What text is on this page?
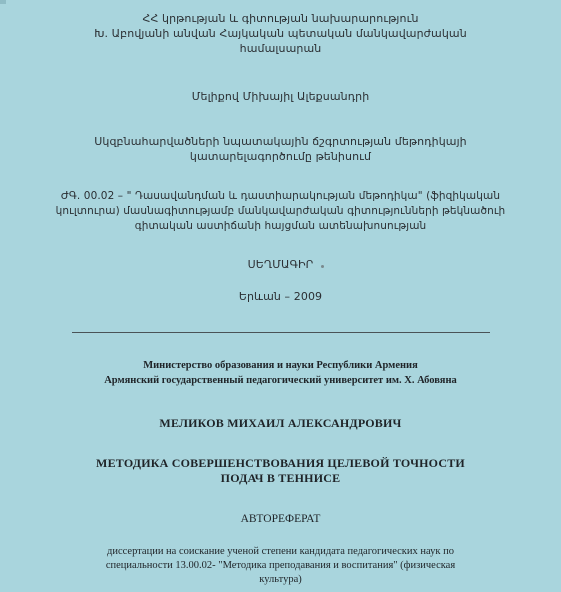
ՀՀ կրթության և գիտության նախարարություն
Խ. Աբովյանի անվան Հայկական պետական մանկավարժական
համալսարան
Մելիքով Միխայիլ Ալեքսանդրի
Սկզբնահարվածների նպատակային ճշգրտության մեթոդիկայի
կատարելագործումը թենիսում
ԺԳ. 00.02 – " Դասավանդման և դաստիարակության մեթոդիկա" (ֆիզիկական
կուլտուրա) մասնագիտությամբ մանկավարժական գիտությունների թեկնածուի
գիտական աստիճանի հայցման ատենախոսության
ՍԵՂՄԱԳԻՐ
Երևան – 2009
Министерство образования и науки Республики Армения
Армянский государственный педагогический университет им. Х. Абовяна
МЕЛИКОВ МИХАИЛ АЛЕКСАНДРОВИЧ
МЕТОДИКА СОВЕРШЕНСТВОВАНИЯ ЦЕЛЕВОЙ ТОЧНОСТИ
ПОДАЧ В ТЕННИСЕ
АВТОРЕФЕРАТ
диссертации на соискание ученой степени кандидата педагогических наук по
специальности 13.00.02- "Методика преподавания и воспитания" (физическая
культура)
